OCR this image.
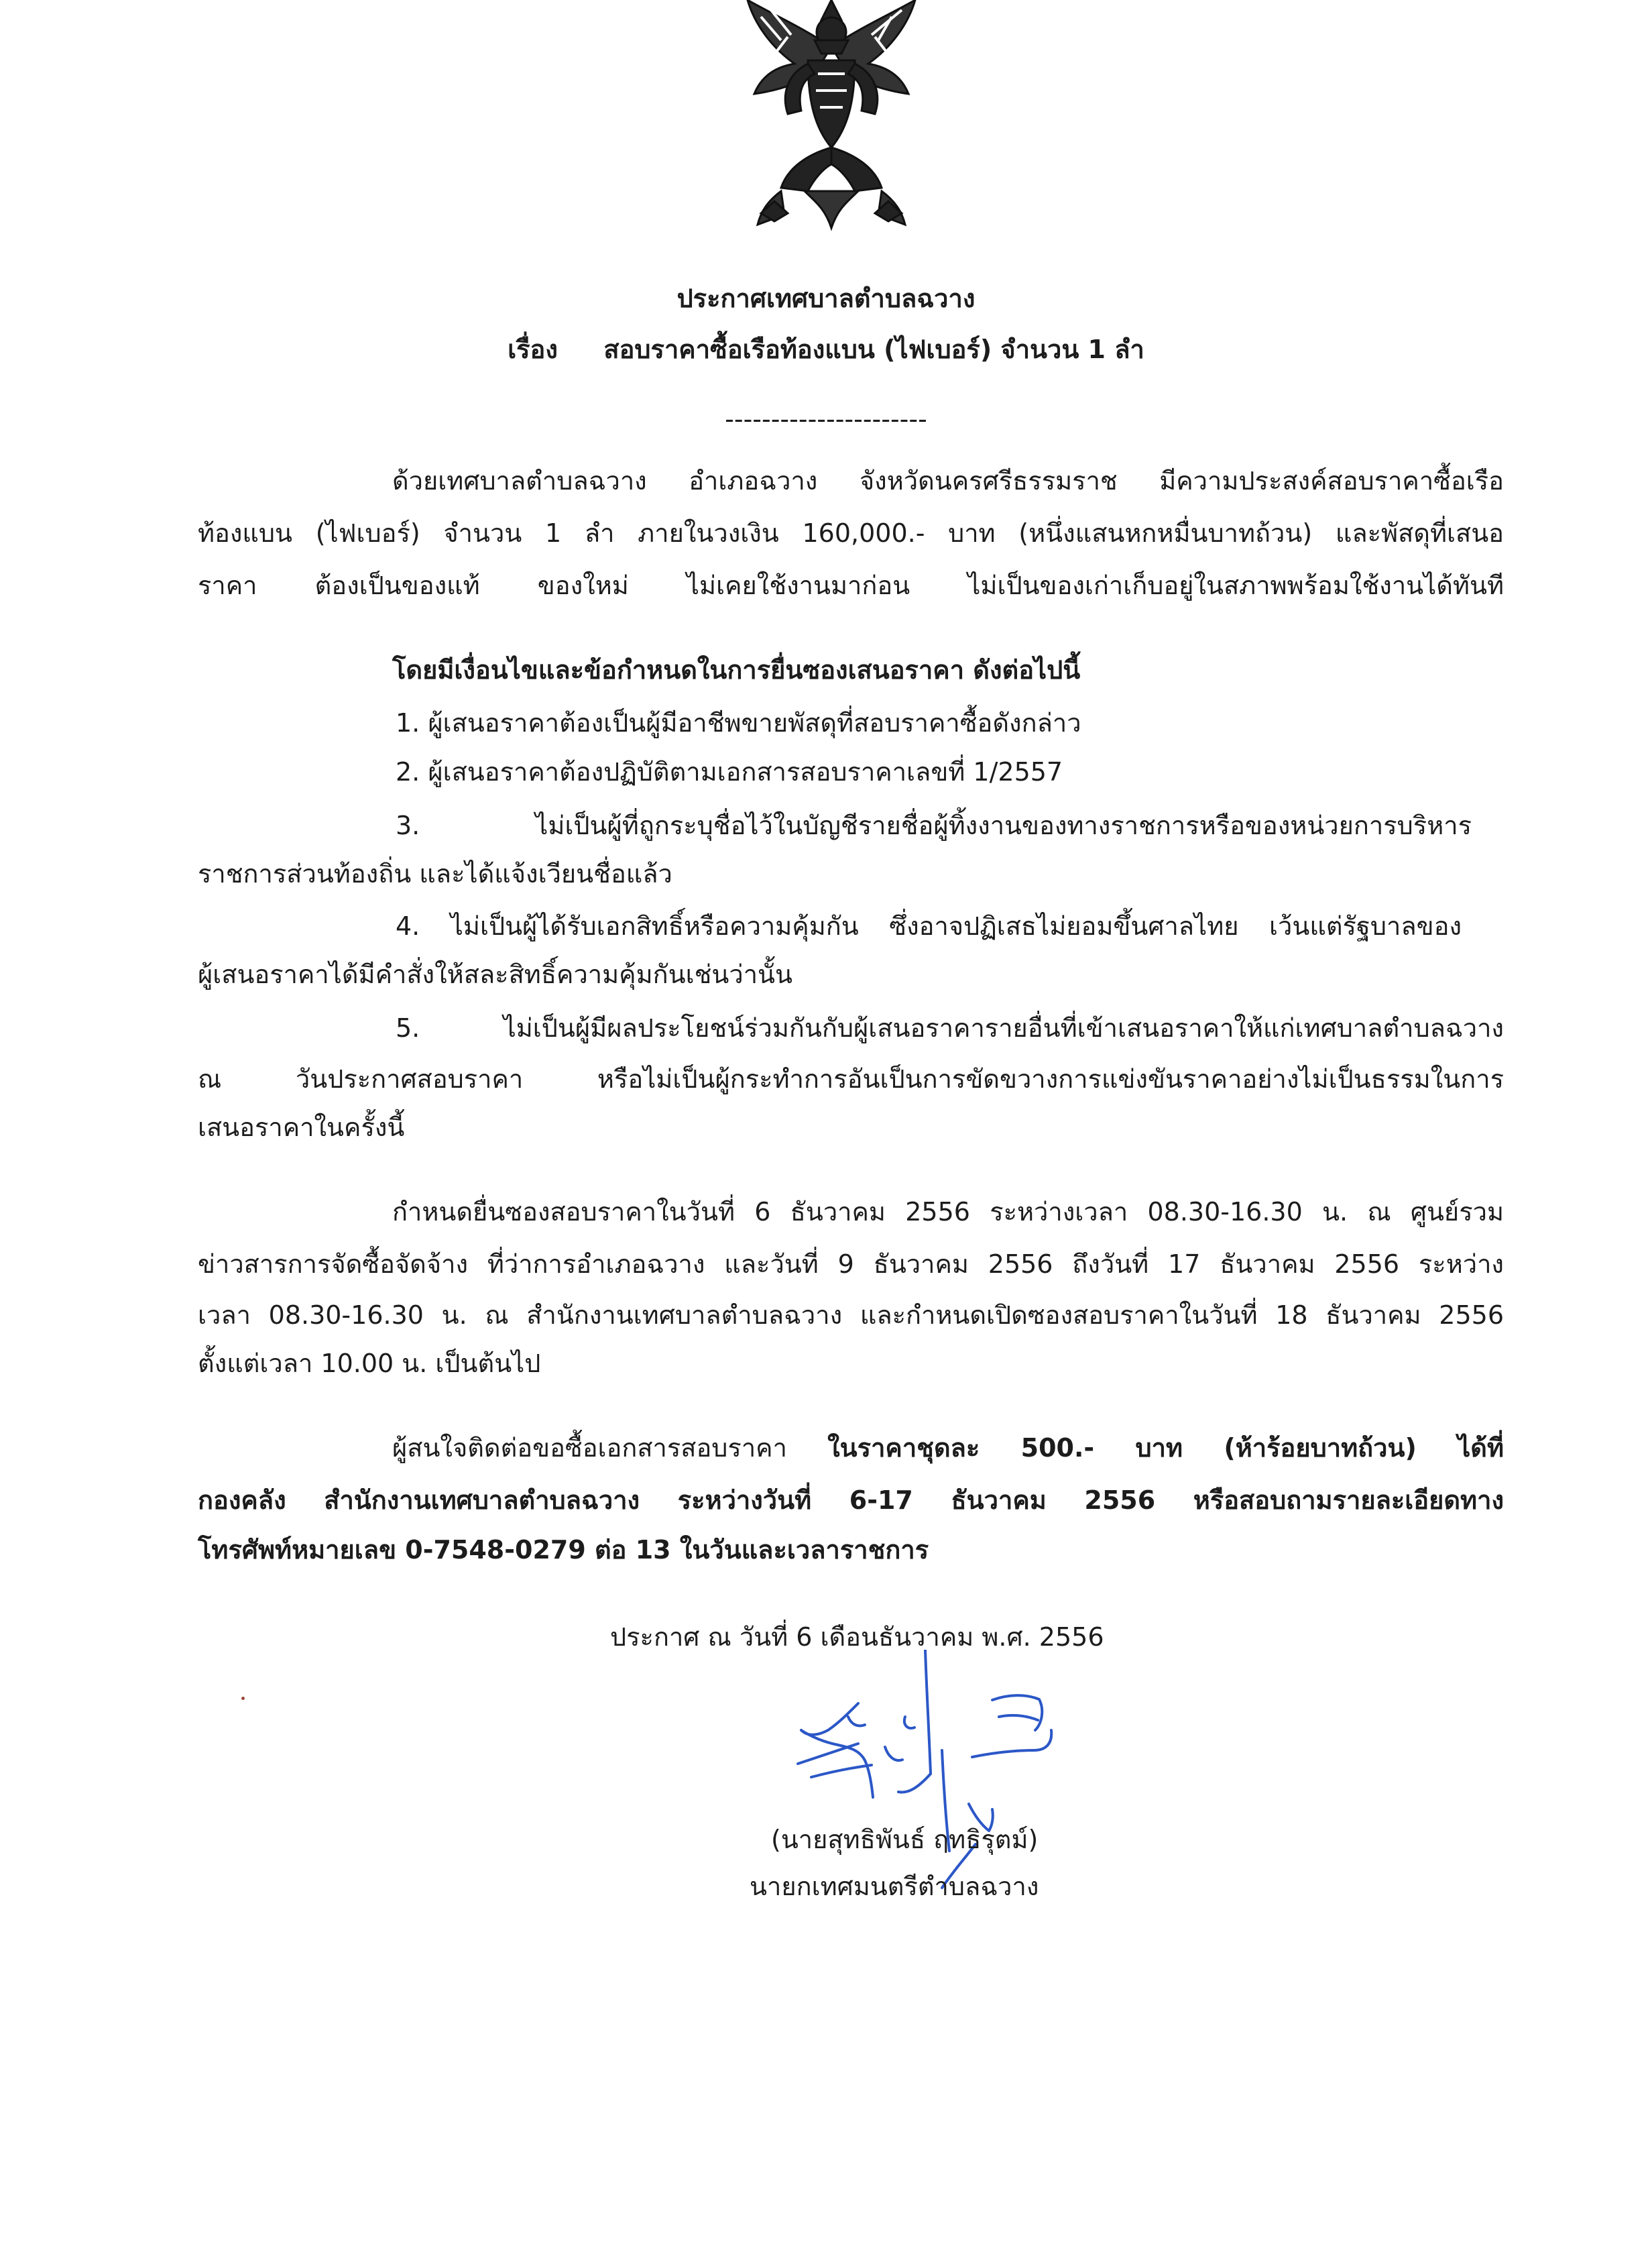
ประกาศเทศบาลตำบลฉวาง
เรื่อง สอบราคาซื้อเรือท้องแบน (ไฟเบอร์) จำนวน 1 ลำ
----------------------
ด้วยเทศบาลตำบลฉวาง อำเภอฉวาง จังหวัดนครศรีธรรมราช มีความประสงค์สอบราคาซื้อเรือ
ท้องแบน (ไฟเบอร์) จำนวน 1 ลำ ภายในวงเงิน 160,000.- บาท (หนึ่งแสนหกหมื่นบาทถ้วน) และพัสดุที่เสนอ
ราคา ต้องเป็นของแท้ ของใหม่ ไม่เคยใช้งานมาก่อน ไม่เป็นของเก่าเก็บอยู่ในสภาพพร้อมใช้งานได้ทันที
โดยมีเงื่อนไขและข้อกำหนดในการยื่นซองเสนอราคา ดังต่อไปนี้
1. ผู้เสนอราคาต้องเป็นผู้มีอาชีพขายพัสดุที่สอบราคาซื้อดังกล่าว
2. ผู้เสนอราคาต้องปฏิบัติตามเอกสารสอบราคาเลขที่ 1/2557
3. ไม่เป็นผู้ที่ถูกระบุชื่อไว้ในบัญชีรายชื่อผู้ทิ้งงานของทางราชการหรือของหน่วยการบริหาร
ราชการส่วนท้องถิ่น และได้แจ้งเวียนชื่อแล้ว
4. ไม่เป็นผู้ได้รับเอกสิทธิ์หรือความคุ้มกัน ซึ่งอาจปฏิเสธไม่ยอมขึ้นศาลไทย เว้นแต่รัฐบาลของ
ผู้เสนอราคาได้มีคำสั่งให้สละสิทธิ์ความคุ้มกันเช่นว่านั้น
5. ไม่เป็นผู้มีผลประโยชน์ร่วมกันกับผู้เสนอราคารายอื่นที่เข้าเสนอราคาให้แก่เทศบาลตำบลฉวาง
ณ วันประกาศสอบราคา หรือไม่เป็นผู้กระทำการอันเป็นการขัดขวางการแข่งขันราคาอย่างไม่เป็นธรรมในการ
เสนอราคาในครั้งนี้
กำหนดยื่นซองสอบราคาในวันที่ 6 ธันวาคม 2556 ระหว่างเวลา 08.30-16.30 น. ณ ศูนย์รวม
ข่าวสารการจัดซื้อจัดจ้าง ที่ว่าการอำเภอฉวาง และวันที่ 9 ธันวาคม 2556 ถึงวันที่ 17 ธันวาคม 2556 ระหว่าง
เวลา 08.30-16.30 น. ณ สำนักงานเทศบาลตำบลฉวาง และกำหนดเปิดซองสอบราคาในวันที่ 18 ธันวาคม 2556
ตั้งแต่เวลา 10.00 น. เป็นต้นไป
ผู้สนใจติดต่อขอซื้อเอกสารสอบราคา ในราคาชุดละ 500.- บาท (ห้าร้อยบาทถ้วน) ได้ที่
กองคลัง สำนักงานเทศบาลตำบลฉวาง ระหว่างวันที่ 6-17 ธันวาคม 2556 หรือสอบถามรายละเอียดทาง
โทรศัพท์หมายเลข 0-7548-0279 ต่อ 13 ในวันและเวลาราชการ
ประกาศ ณ วันที่ 6 เดือนธันวาคม พ.ศ. 2556
(นายสุทธิพันธ์ ฤทธิรุตม์)
นายกเทศมนตรีตำบลฉวาง
